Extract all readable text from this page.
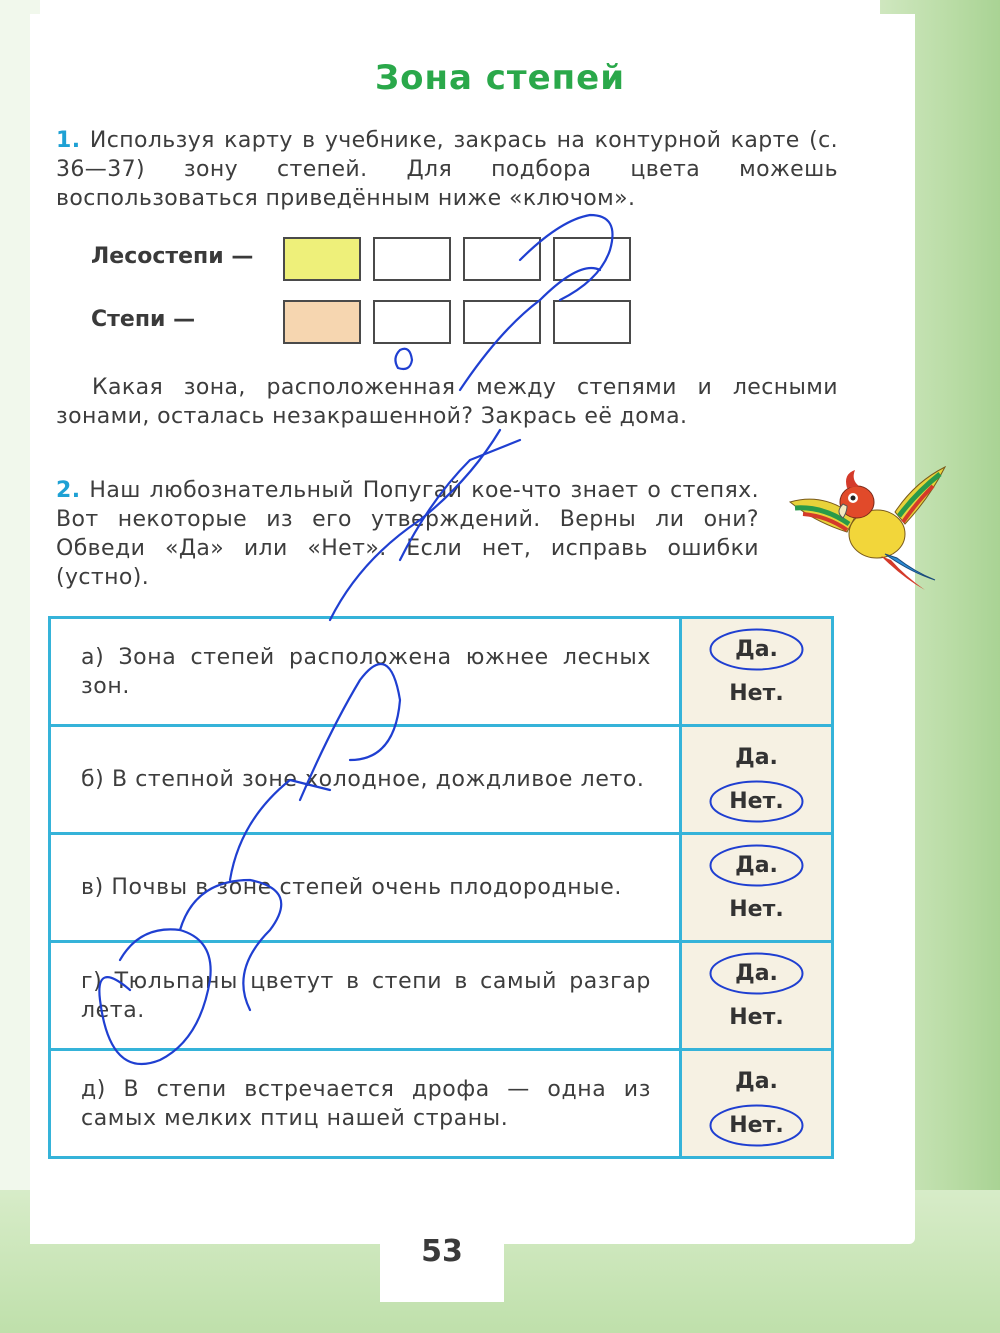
Зона степей
1. Используя карту в учебнике, закрась на контурной карте (с. 36—37) зону степей. Для подбора цвета можешь воспользоваться приведённым ниже «ключом».
Лесостепи —
Степи —
Какая зона, расположенная между степями и лесными зонами, осталась незакрашенной? Закрась её дома.
2. Наш любознательный Попугай кое-что знает о степях. Вот некоторые из его утверждений. Верны ли они? Обведи «Да» или «Нет». Если нет, исправь ошибки (устно).
а) Зона степей расположена южнее лесных зон.	Да.
Нет.

б) В степной зоне холодное, дождливое лето.	Да.
Нет.

в) Почвы в зоне степей очень плодородные.	Да.
Нет.

г) Тюльпаны цветут в степи в самый разгар лета.	Да.
Нет.

д) В степи встречается дрофа — одна из самых мелких птиц нашей страны.	Да.
Нет.
53
